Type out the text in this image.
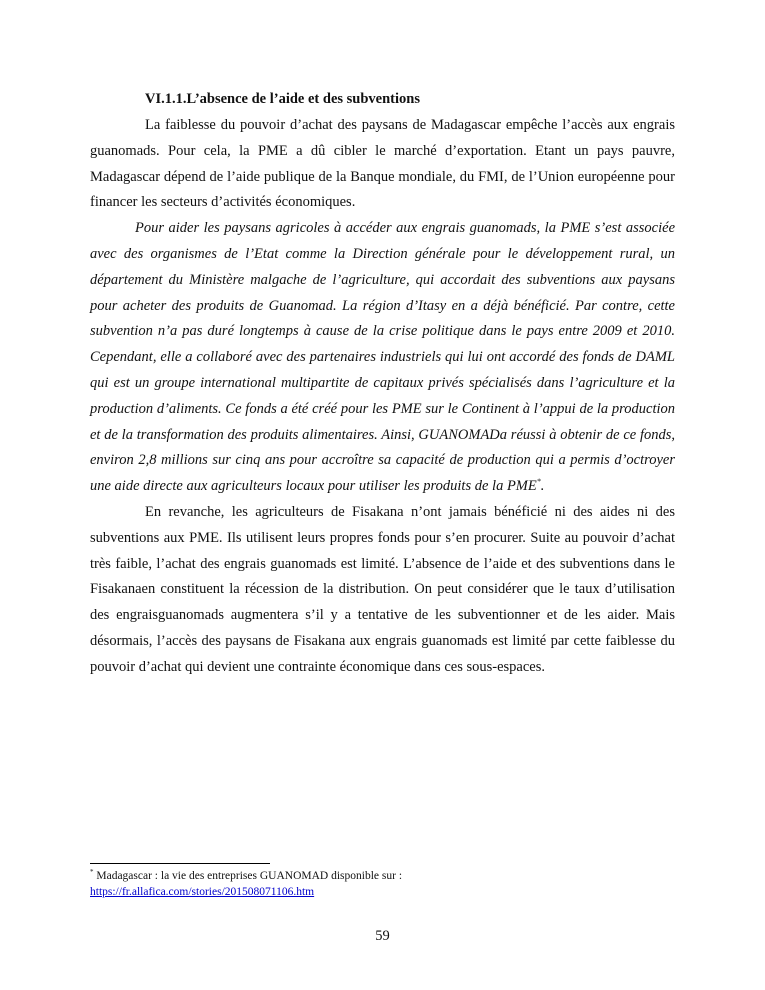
VI.1.1.L’absence de l’aide et des subventions

La faiblesse du pouvoir d’achat des paysans de Madagascar empêche l’accès aux engrais guanomads. Pour cela, la PME a dû cibler le marché d’exportation. Etant un pays pauvre, Madagascar dépend de l’aide publique de la Banque mondiale, du FMI, de l’Union européenne pour financer les secteurs d’activités économiques.

Pour aider les paysans agricoles à accéder aux engrais guanomads, la PME s’est associée avec des organismes de l’Etat comme la Direction générale pour le développement rural, un département du Ministère malgache de l’agriculture, qui accordait des subventions aux paysans pour acheter des produits de Guanomad. La région d’Itasy en a déjà bénéficié. Par contre, cette subvention n’a pas duré longtemps à cause de la crise politique dans le pays entre 2009 et 2010. Cependant, elle a collaboré avec des partenaires industriels qui lui ont accordé des fonds de DAML qui est un groupe international multipartite de capitaux privés spécialisés dans l’agriculture et la production d’aliments. Ce fonds a été créé pour les PME sur le Continent à l’appui de la production et de la transformation des produits alimentaires. Ainsi, GUANOMADa réussi à obtenir de ce fonds, environ 2,8 millions sur cinq ans pour accroître sa capacité de production qui a permis d’octroyer une aide directe aux agriculteurs locaux pour utiliser les produits de la PME*.

En revanche, les agriculteurs de Fisakana n’ont jamais bénéficié ni des aides ni des subventions aux PME. Ils utilisent leurs propres fonds pour s’en procurer. Suite au pouvoir d’achat très faible, l’achat des engrais guanomads est limité. L’absence de l’aide et des subventions dans le Fisakanaen constituent la récession de la distribution. On peut considérer que le taux d’utilisation des engraisguanomads augmentera s’il y a tentative de les subventionner et de les aider. Mais désormais, l’accès des paysans de Fisakana aux engrais guanomads est limité par cette faiblesse du pouvoir d’achat qui devient une contrainte économique dans ces sous-espaces.

* Madagascar : la vie des entreprises GUANOMAD disponible sur :
https://fr.allafica.com/stories/201508071106.htm
59
